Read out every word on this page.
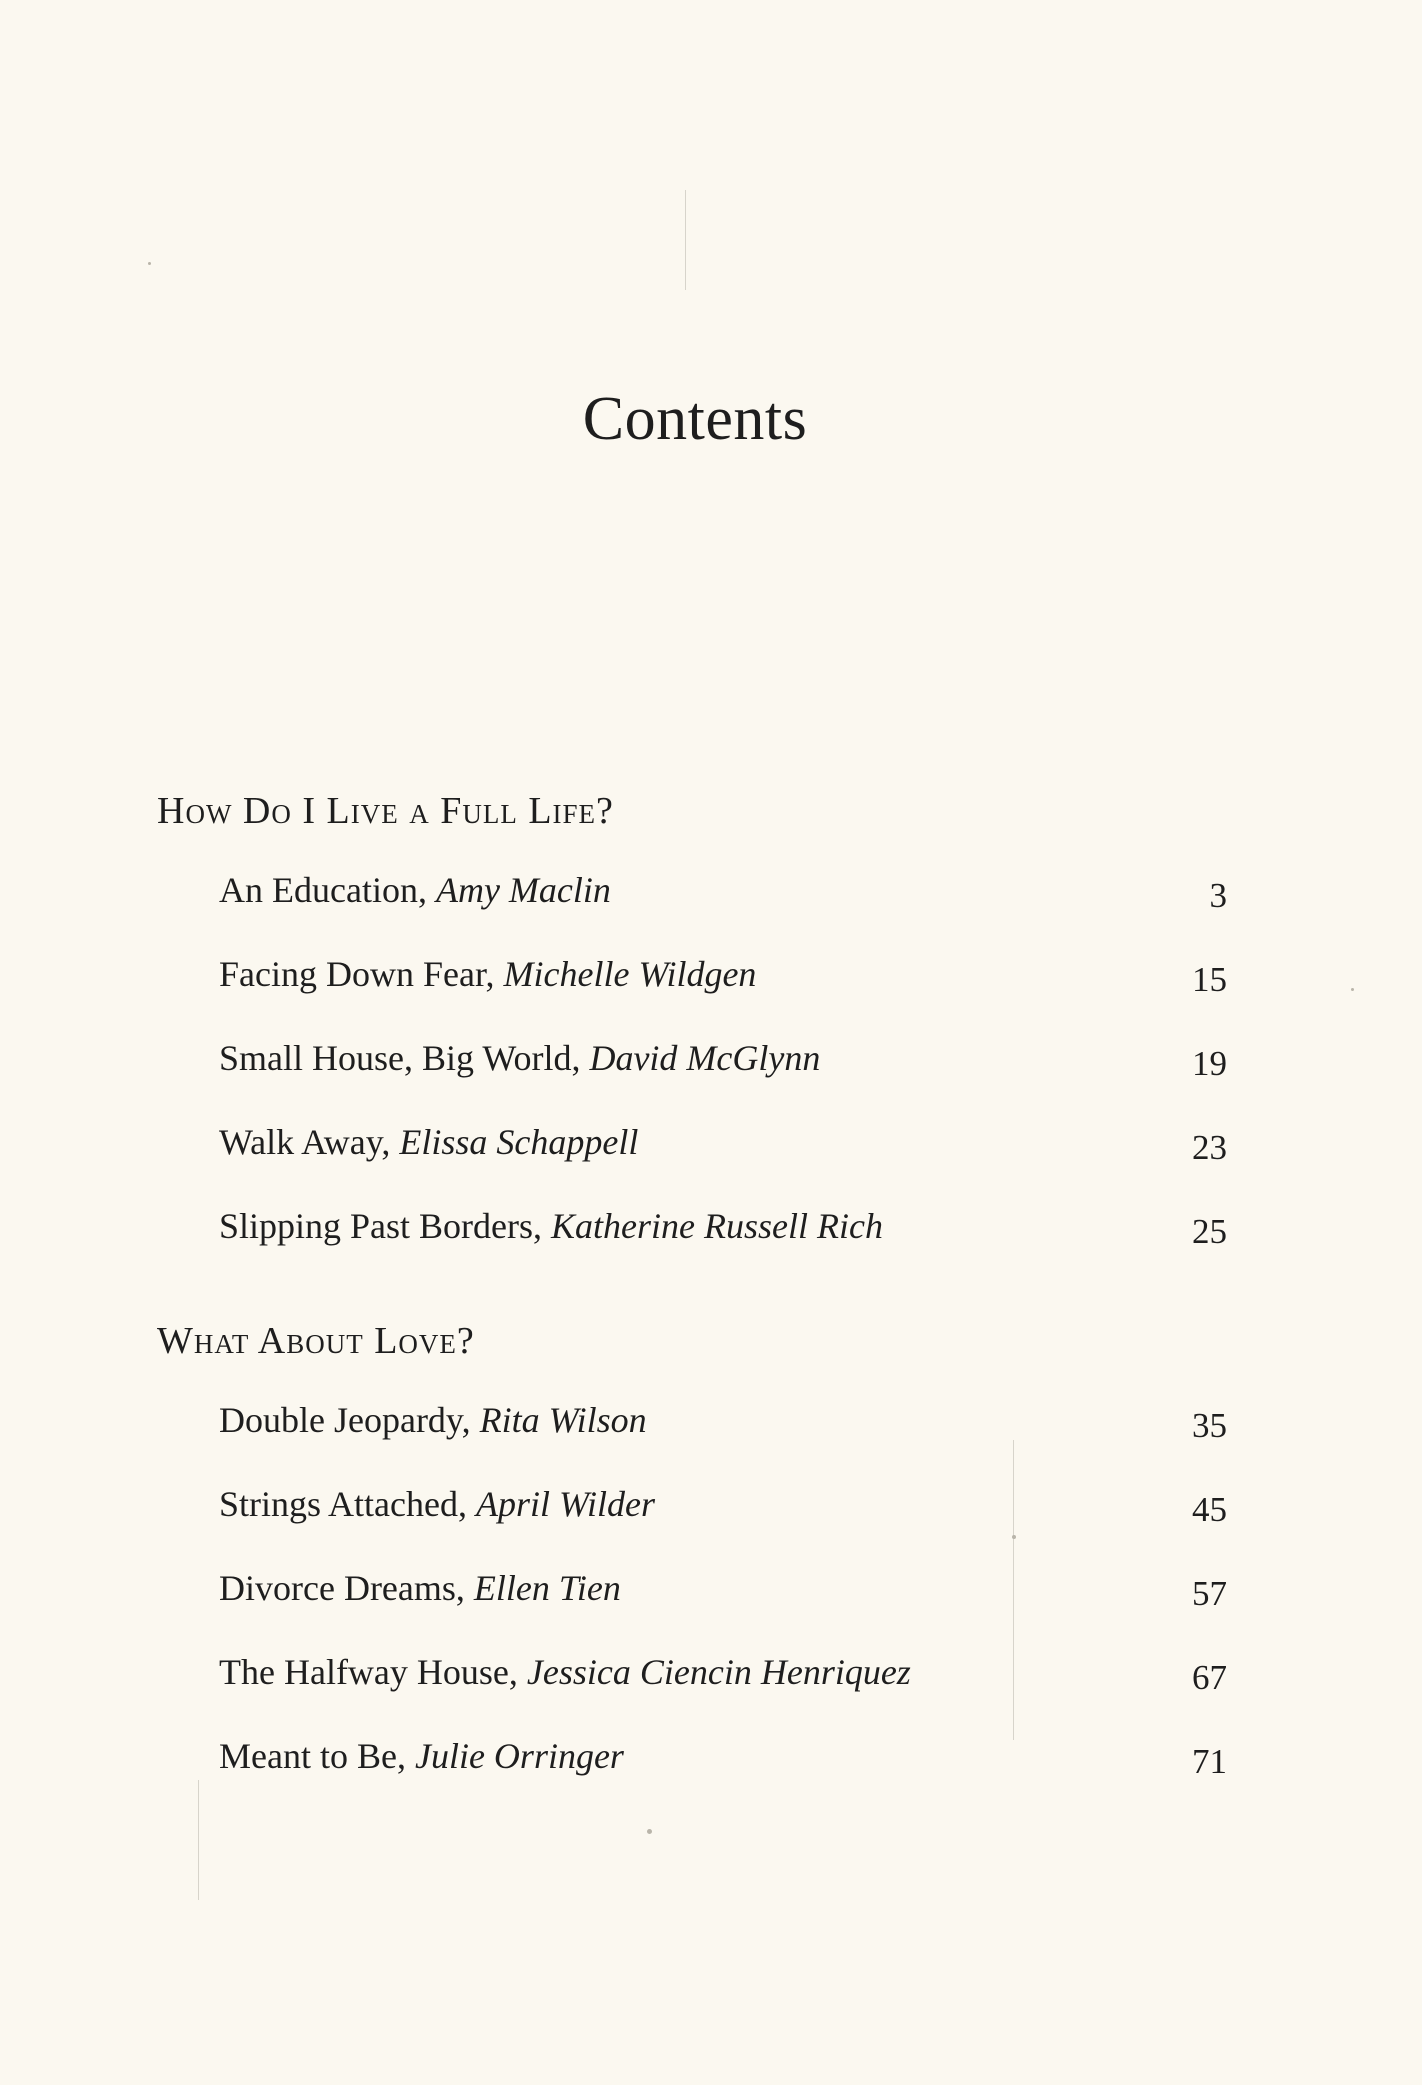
Contents
How Do I Live a Full Life?
An Education, Amy Maclin	3
Facing Down Fear, Michelle Wildgen	15
Small House, Big World, David McGlynn	19
Walk Away, Elissa Schappell	23
Slipping Past Borders, Katherine Russell Rich	25
What About Love?
Double Jeopardy, Rita Wilson	35
Strings Attached, April Wilder	45
Divorce Dreams, Ellen Tien	57
The Halfway House, Jessica Ciencin Henriquez	67
Meant to Be, Julie Orringer	71
